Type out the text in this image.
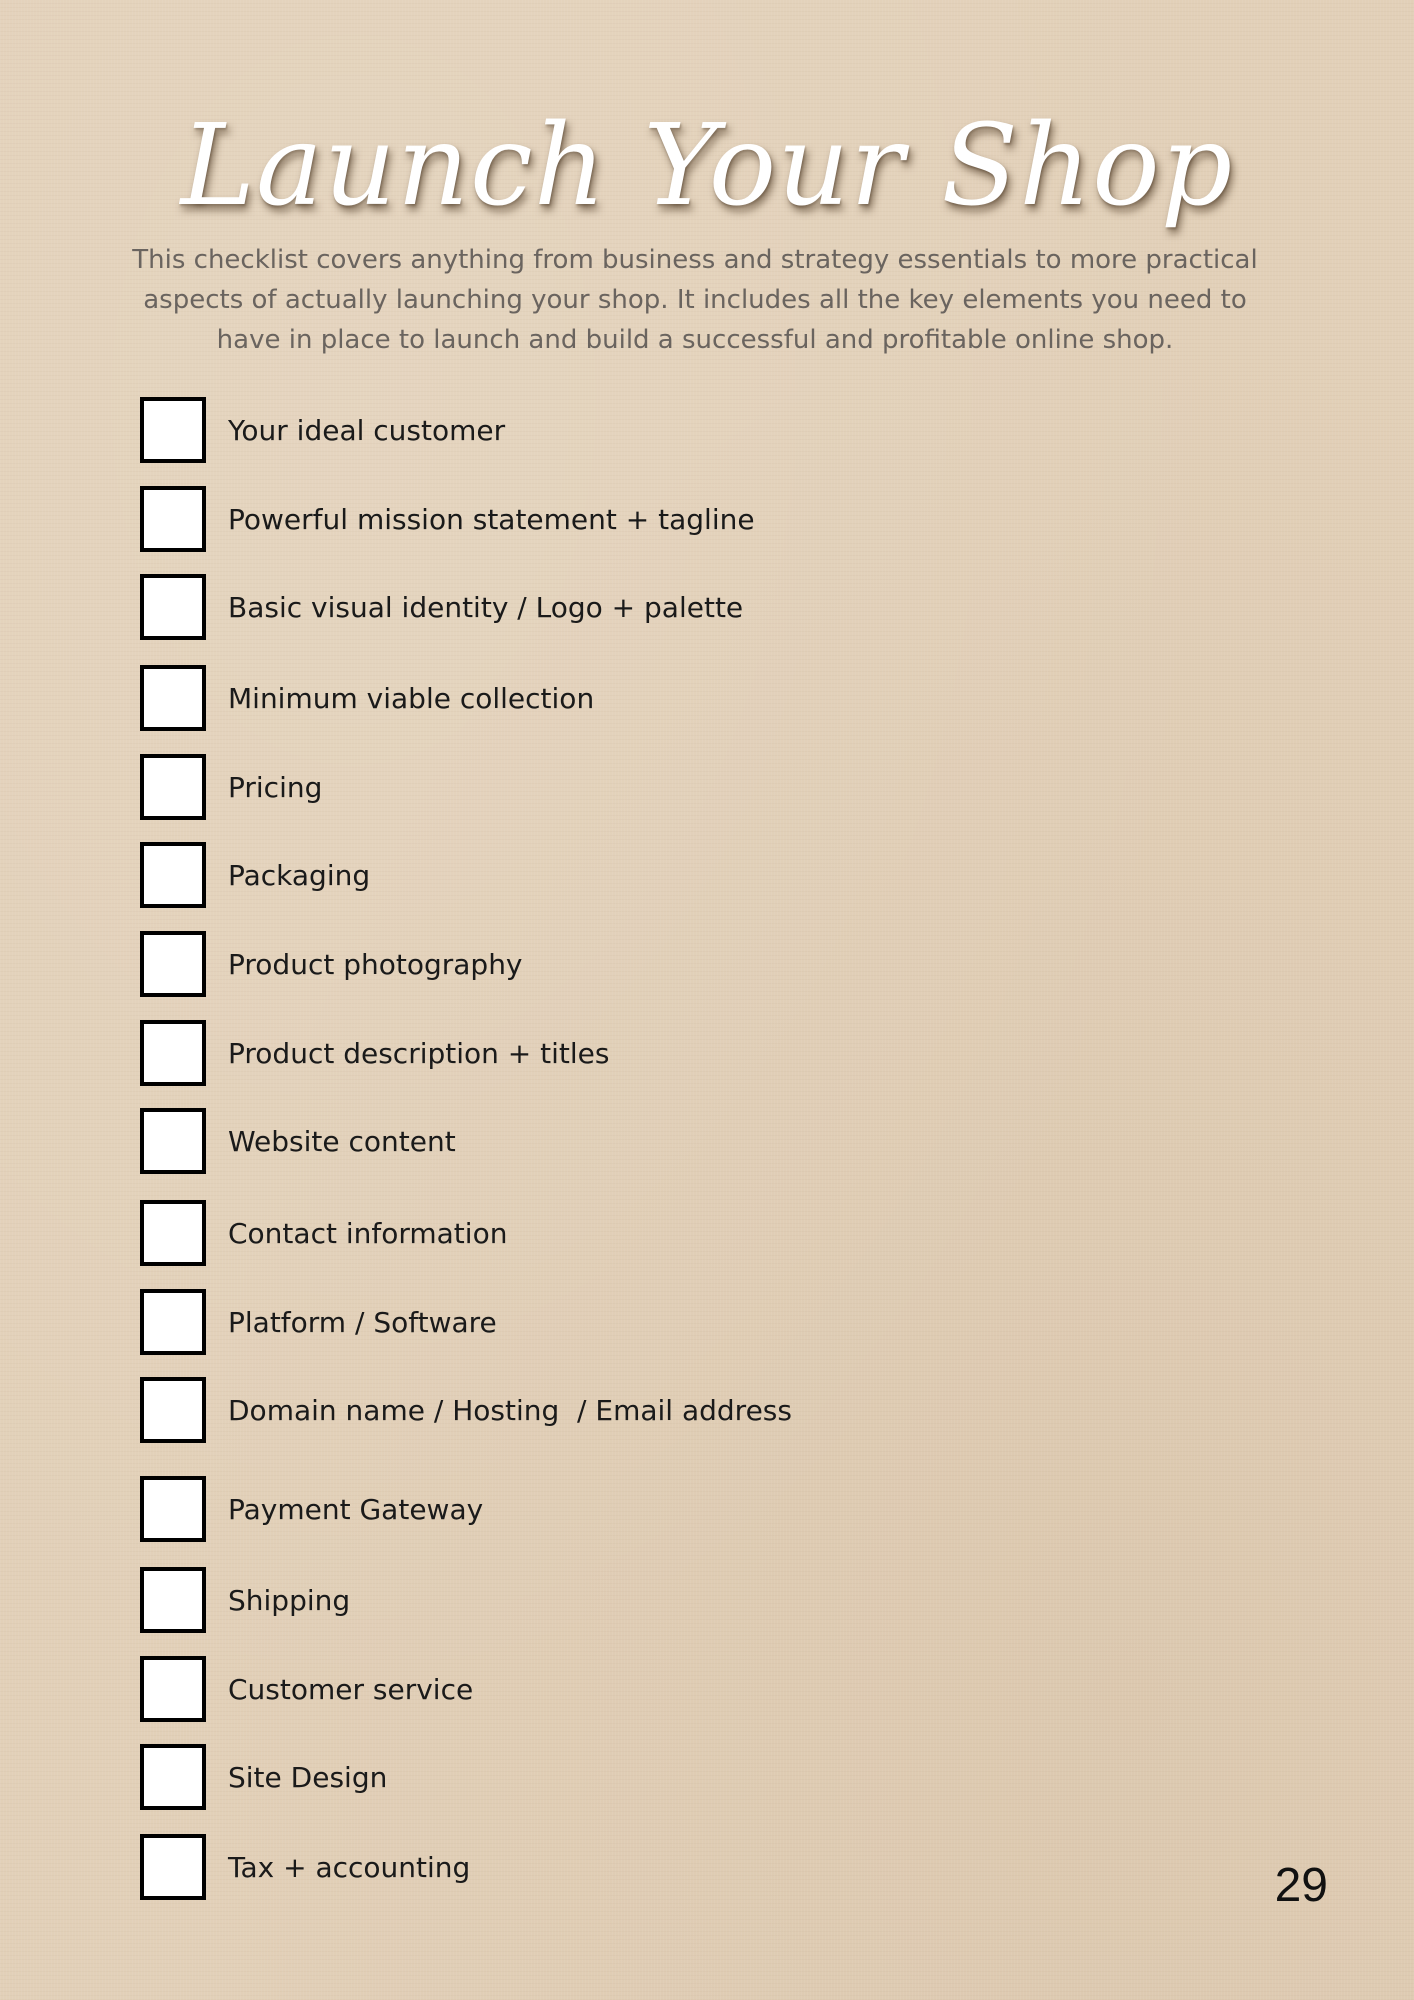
Launch Your Shop

This checklist covers anything from business and strategy essentials to more practical aspects of actually launching your shop. It includes all the key elements you need to have in place to launch and build a successful and profitable online shop.

Your ideal customer
Powerful mission statement + tagline
Basic visual identity / Logo + palette
Minimum viable collection
Pricing
Packaging
Product photography
Product description + titles
Website content
Contact information
Platform / Software
Domain name / Hosting  / Email address
Payment Gateway
Shipping
Customer service
Site Design
Tax + accounting	29
